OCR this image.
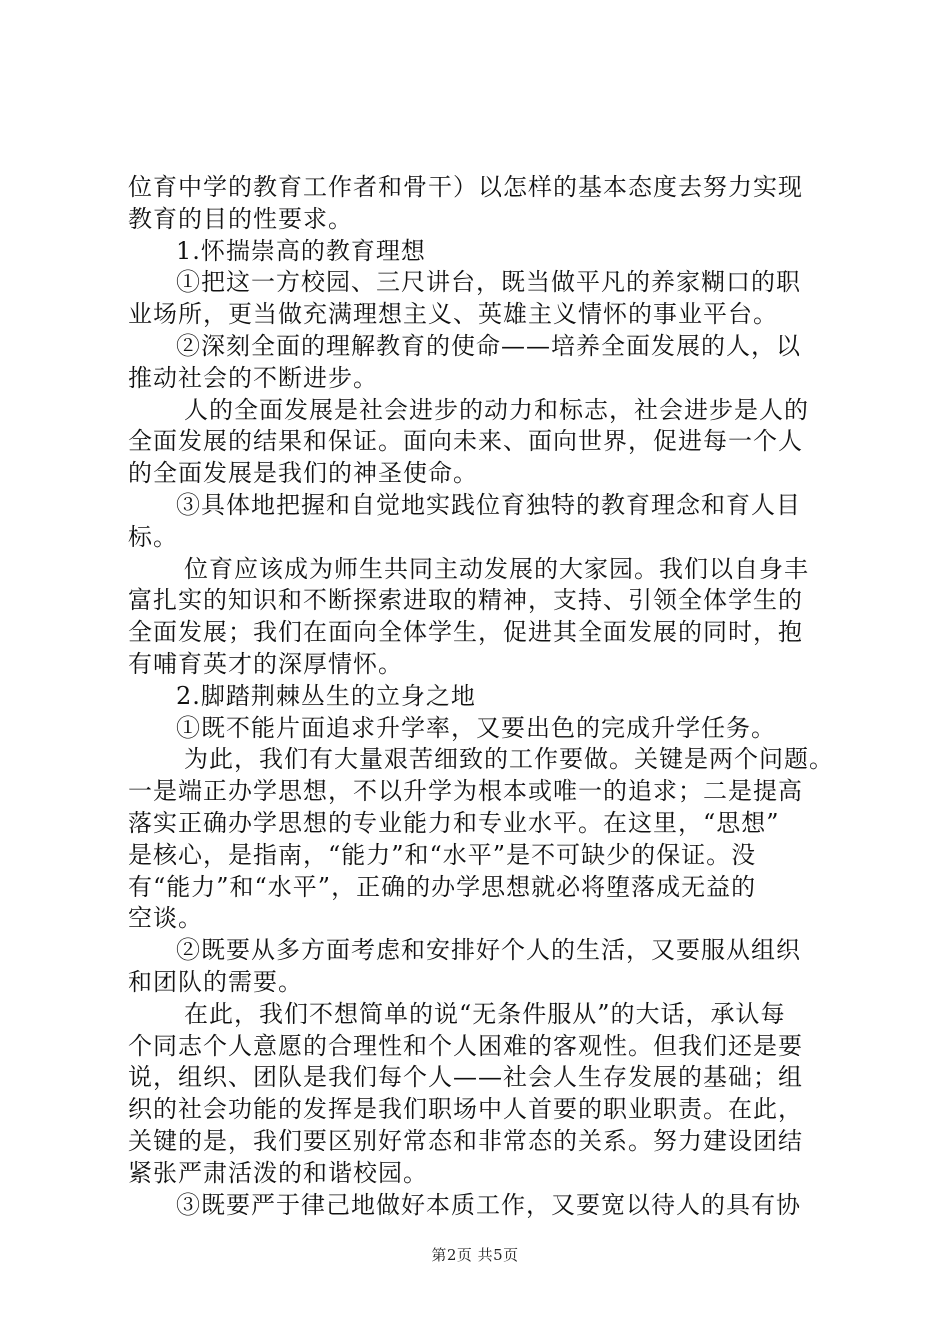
位育中学的教育工作者和骨干）以怎样的基本态度去努力实现
教育的目的性要求。
1.怀揣崇高的教育理想
①把这一方校园、三尺讲台，既当做平凡的养家糊口的职
业场所，更当做充满理想主义、英雄主义情怀的事业平台。
②深刻全面的理解教育的使命——培养全面发展的人，以
推动社会的不断进步。
人的全面发展是社会进步的动力和标志，社会进步是人的
全面发展的结果和保证。面向未来、面向世界，促进每一个人
的全面发展是我们的神圣使命。
③具体地把握和自觉地实践位育独特的教育理念和育人目
标。
位育应该成为师生共同主动发展的大家园。我们以自身丰
富扎实的知识和不断探索进取的精神，支持、引领全体学生的
全面发展；我们在面向全体学生，促进其全面发展的同时，抱
有哺育英才的深厚情怀。
2.脚踏荆棘丛生的立身之地
①既不能片面追求升学率，又要出色的完成升学任务。
为此，我们有大量艰苦细致的工作要做。关键是两个问题。
一是端正办学思想，不以升学为根本或唯一的追求；二是提高
落实正确办学思想的专业能力和专业水平。在这里，“思想”
是核心，是指南，“能力”和“水平”是不可缺少的保证。没
有“能力”和“水平”，正确的办学思想就必将堕落成无益的
空谈。
②既要从多方面考虑和安排好个人的生活，又要服从组织
和团队的需要。
在此，我们不想简单的说“无条件服从”的大话，承认每
个同志个人意愿的合理性和个人困难的客观性。但我们还是要
说，组织、团队是我们每个人——社会人生存发展的基础；组
织的社会功能的发挥是我们职场中人首要的职业职责。在此，
关键的是，我们要区别好常态和非常态的关系。努力建设团结
紧张严肃活泼的和谐校园。
③既要严于律己地做好本质工作，又要宽以待人的具有协
第2页 共5页
